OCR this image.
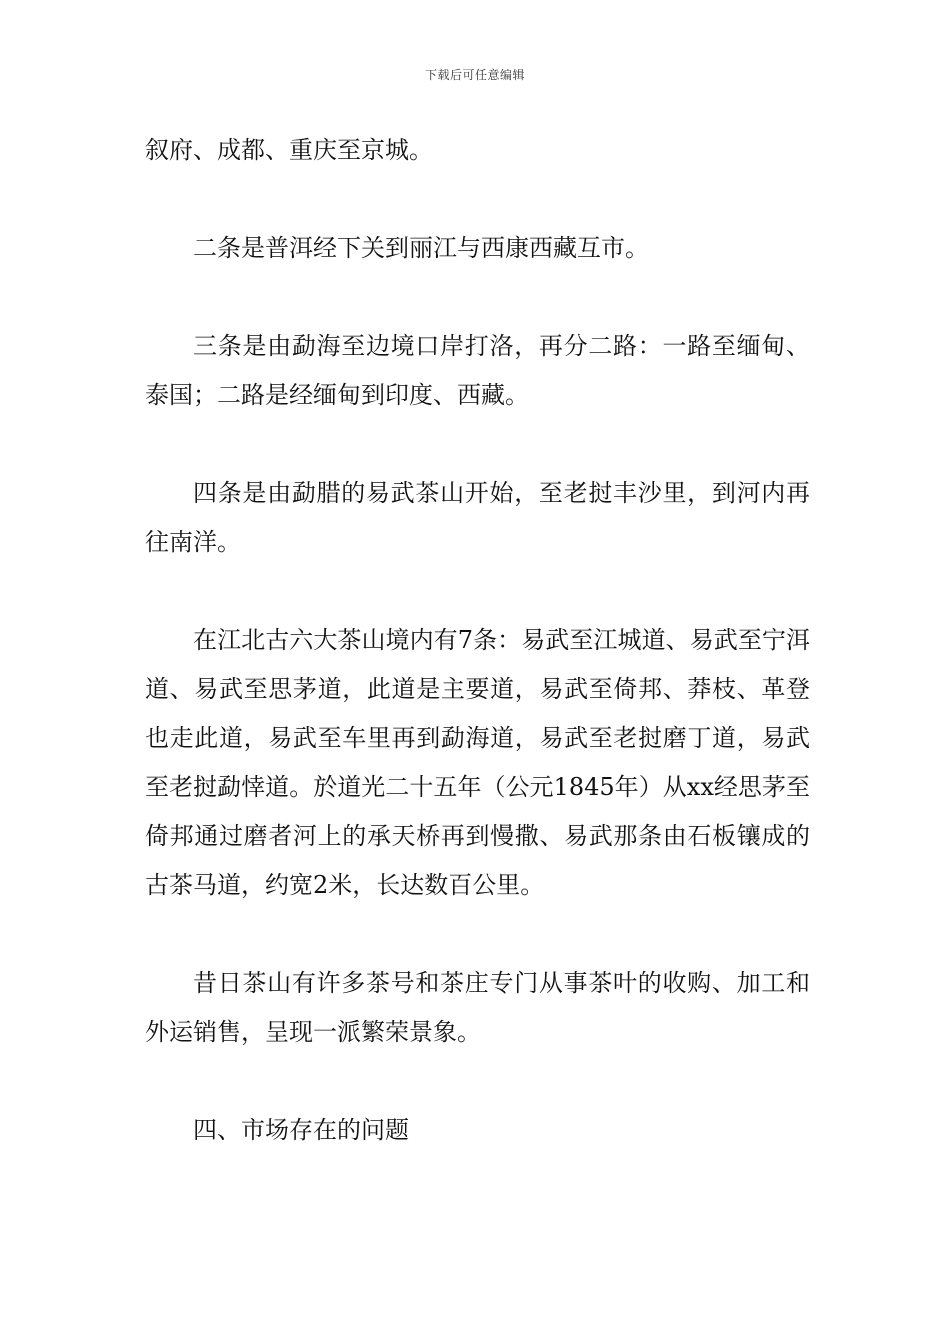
下载后可任意编辑

叙府、成都、重庆至京城。

二条是普洱经下关到丽江与西康西藏互市。

三条是由勐海至边境口岸打洛，再分二路：一路至缅甸、泰国；二路是经缅甸到印度、西藏。

四条是由勐腊的易武茶山开始，至老挝丰沙里，到河内再往南洋。

在江北古六大茶山境内有7条：易武至江城道、易武至宁洱道、易武至思茅道，此道是主要道，易武至倚邦、莽枝、革登也走此道，易武至车里再到勐海道，易武至老挝磨丁道，易武至老挝勐悻道。於道光二十五年（公元1845年）从xx经思茅至倚邦通过磨者河上的承天桥再到慢撒、易武那条由石板镶成的古茶马道，约宽2米，长达数百公里。

昔日茶山有许多茶号和茶庄专门从事茶叶的收购、加工和外运销售，呈现一派繁荣景象。

四、市场存在的问题
